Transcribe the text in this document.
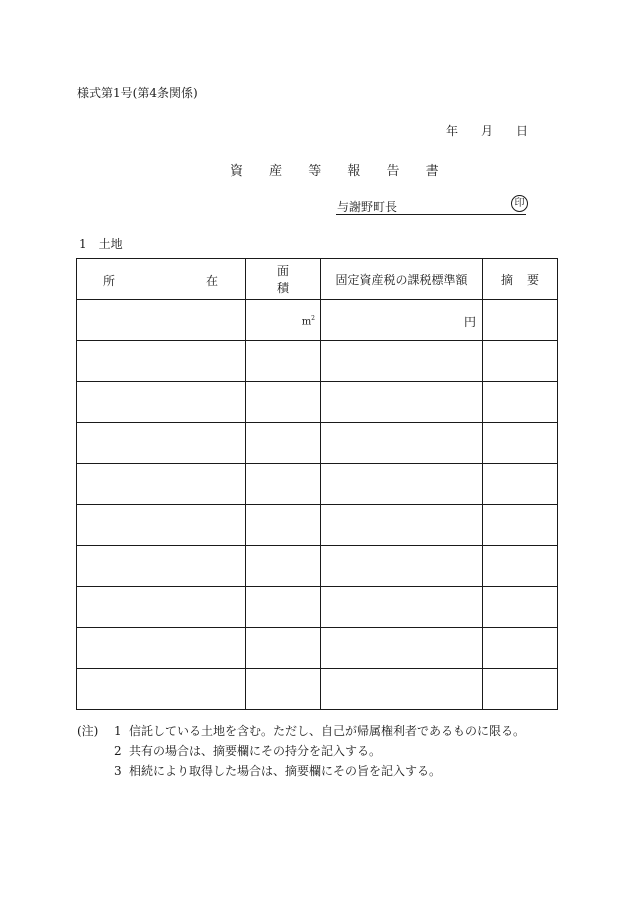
様式第1号(第4条関係)
年 月 日
資 産 等 報 告 書
与謝野町長	印
1　土地
所 在	面積	固定資産税の課税標準額	摘要
	$m^2$	円	

(注) 1 信託している土地を含む。ただし、自己が帰属権利者であるものに限る。
2 共有の場合は、摘要欄にその持分を記入する。
3 相続により取得した場合は、摘要欄にその旨を記入する。
